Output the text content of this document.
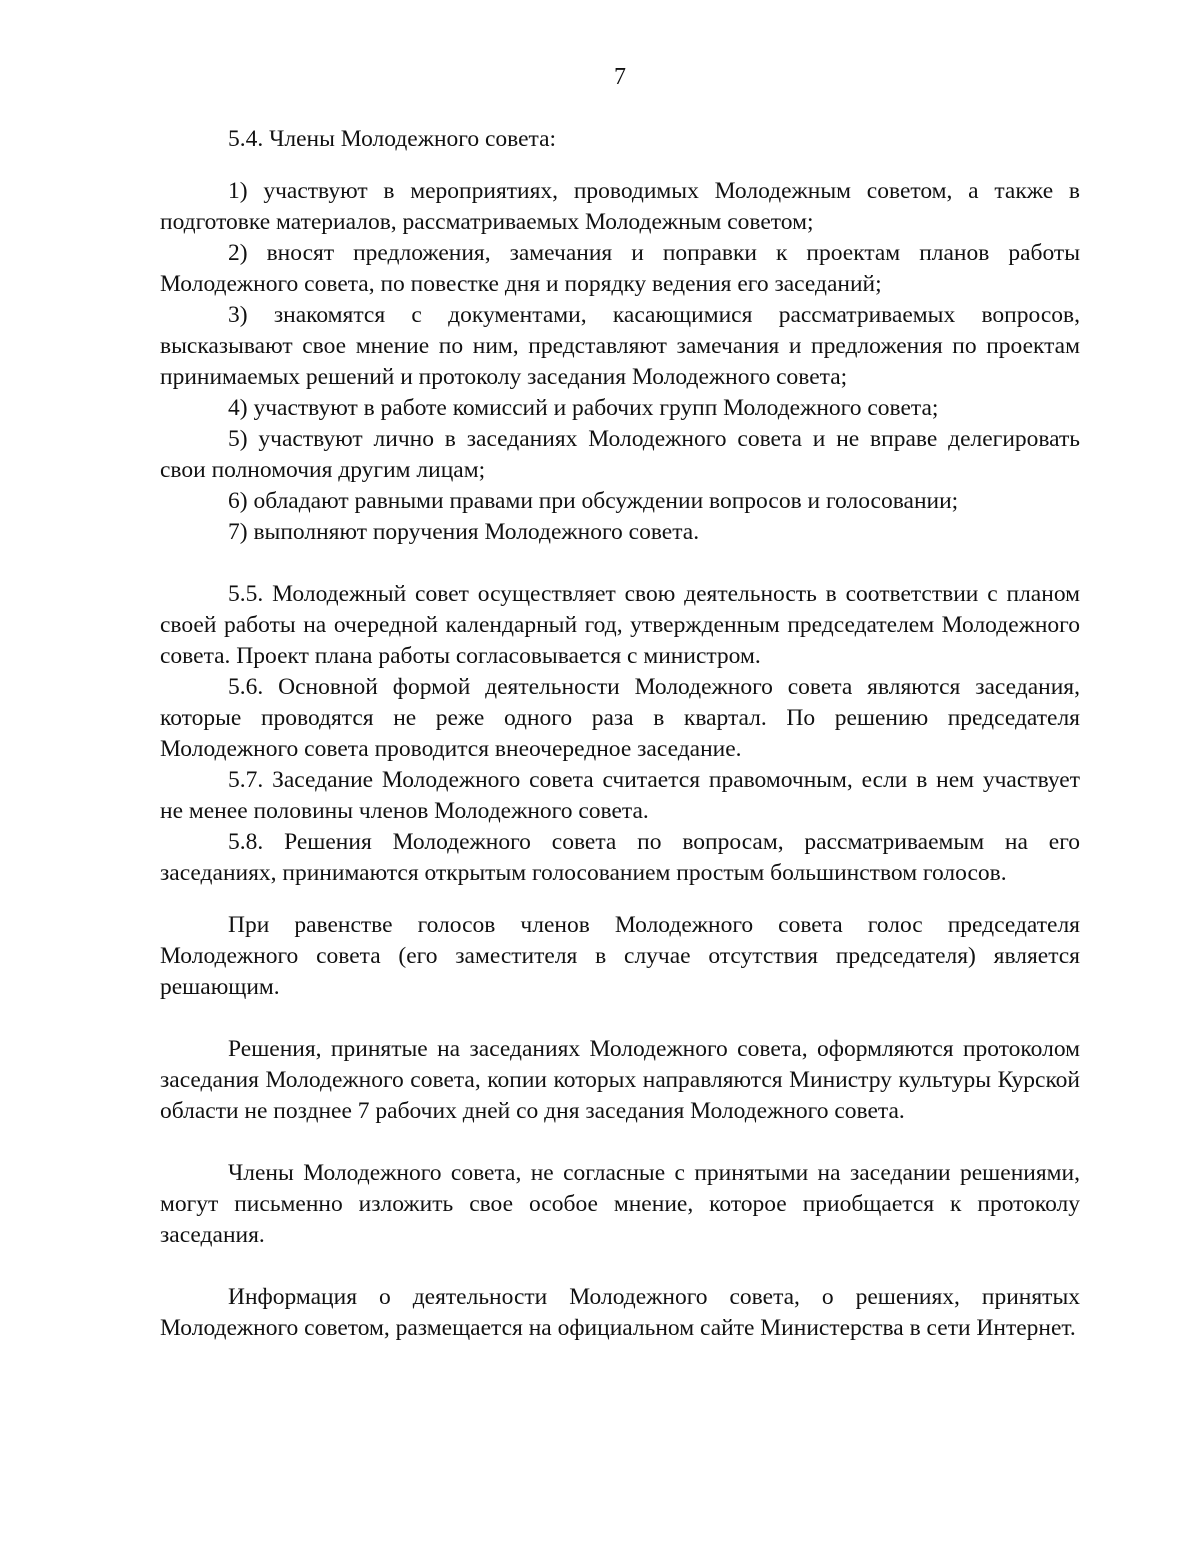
7

5.4. Члены Молодежного совета:

1) участвуют в мероприятиях, проводимых Молодежным советом, а также в подготовке материалов, рассматриваемых Молодежным советом;

2) вносят предложения, замечания и поправки к проектам планов работы Молодежного совета, по повестке дня и порядку ведения его заседаний;

3) знакомятся с документами, касающимися рассматриваемых вопросов, высказывают свое мнение по ним, представляют замечания и предложения по проектам принимаемых решений и протоколу заседания Молодежного совета;

4) участвуют в работе комиссий и рабочих групп Молодежного совета;

5) участвуют лично в заседаниях Молодежного совета и не вправе делегировать свои полномочия другим лицам;

6) обладают равными правами при обсуждении вопросов и голосовании;

7) выполняют поручения Молодежного совета.

5.5. Молодежный совет осуществляет свою деятельность в соответствии с планом своей работы на очередной календарный год, утвержденным председателем Молодежного совета. Проект плана работы согласовывается с министром.

5.6. Основной формой деятельности Молодежного совета являются заседания, которые проводятся не реже одного раза в квартал. По решению председателя Молодежного совета проводится внеочередное заседание.

5.7. Заседание Молодежного совета считается правомочным, если в нем участвует не менее половины членов Молодежного совета.

5.8. Решения Молодежного совета по вопросам, рассматриваемым на его заседаниях, принимаются открытым голосованием простым большинством голосов.

При равенстве голосов членов Молодежного совета голос председателя Молодежного совета (его заместителя в случае отсутствия председателя) является решающим.

Решения, принятые на заседаниях Молодежного совета, оформляются протоколом заседания Молодежного совета, копии которых направляются Министру культуры Курской области не позднее 7 рабочих дней со дня заседания Молодежного совета.

Члены Молодежного совета, не согласные с принятыми на заседании решениями, могут письменно изложить свое особое мнение, которое приобщается к протоколу заседания.

Информация о деятельности Молодежного совета, о решениях, принятых Молодежного советом, размещается на официальном сайте Министерства в сети Интернет.
